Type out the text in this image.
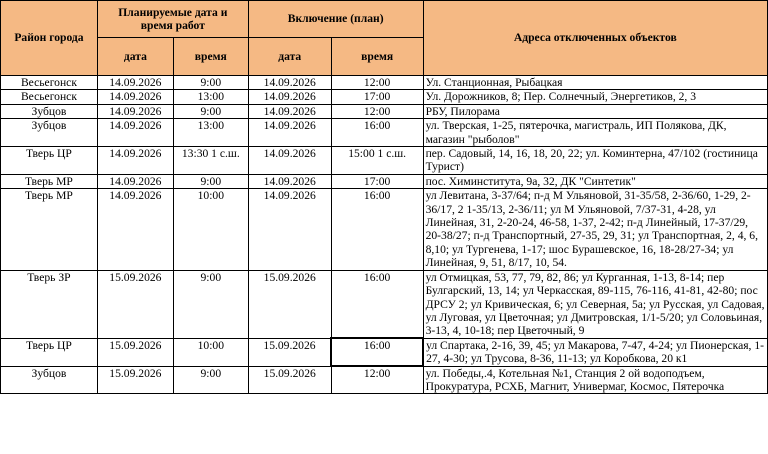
Район города	Планируемые дата и время работ		Включение (план)		Адреса отключенных объектов
	дата	время	дата	время	
Весьегонск	14.09.2026	9:00	14.09.2026	12:00	Ул. Станционная, Рыбацкая
Весьегонск	14.09.2026	13:00	14.09.2026	17:00	Ул. Дорожников, 8; Пер. Солнечный, Энергетиков, 2, 3
Зубцов	14.09.2026	9:00	14.09.2026	12:00	РБУ, Пилорама
Зубцов	14.09.2026	13:00	14.09.2026	16:00	ул. Тверская, 1-25, пятерочка, магистраль, ИП Полякова, ДК, магазин "рыболов"
Тверь ЦР	14.09.2026	13:30 1 с.ш.	14.09.2026	15:00 1 с.ш.	пер. Садовый, 14, 16, 18, 20, 22; ул. Коминтерна, 47/102 (гостиница Турист)
Тверь МР	14.09.2026	9:00	14.09.2026	17:00	пос. Химинститута, 9а, 32, ДК "Синтетик"
Тверь МР	14.09.2026	10:00	14.09.2026	16:00	ул Левитана, 3-37/64; п-д М Ульяновой, 31-35/58, 2-36/60, 1-29, 2-36/17, 2 1-35/13, 2-36/11; ул М Ульяновой, 7/37-31, 4-28, ул Линейная, 31, 2-20-24, 46-58, 1-37, 2-42; п-д Линейный, 17-37/29, 20-38/27; п-д Транспортный, 27-35, 29, 31; ул Транспортная, 2, 4, 6, 8,10; ул Тургенева, 1-17; шос Бурашевское, 16, 18-28/27-34; ул Линейная, 9, 51, 8/17, 10, 54.
Тверь ЗР	15.09.2026	9:00	15.09.2026	16:00	ул Отмицкая, 53, 77, 79, 82, 86; ул Курганная, 1-13, 8-14; пер Булгарский, 13, 14; ул Черкасская, 89-115, 76-116, 41-81, 42-80; пос ДРСУ 2; ул Кривическая, 6; ул Северная, 5а; ул Русская, ул Садовая, ул Луговая, ул Цветочная; ул Дмитровская, 1/1-5/20; ул Соловьиная, 3-13, 4, 10-18; пер Цветочный, 9
Тверь ЦР	15.09.2026	10:00	15.09.2026	16:00	ул Спартака, 2-16, 39, 45; ул Макарова, 7-47, 4-24; ул Пионерская, 1-27, 4-30; ул Трусова, 8-36, 11-13; ул Коробкова, 20 к1
Зубцов	15.09.2026	9:00	15.09.2026	12:00	ул. Победы,.4, Котельная №1, Станция 2 ой водоподъем, Прокуратура, РСХБ, Магнит, Универмаг, Космос, Пятерочка
